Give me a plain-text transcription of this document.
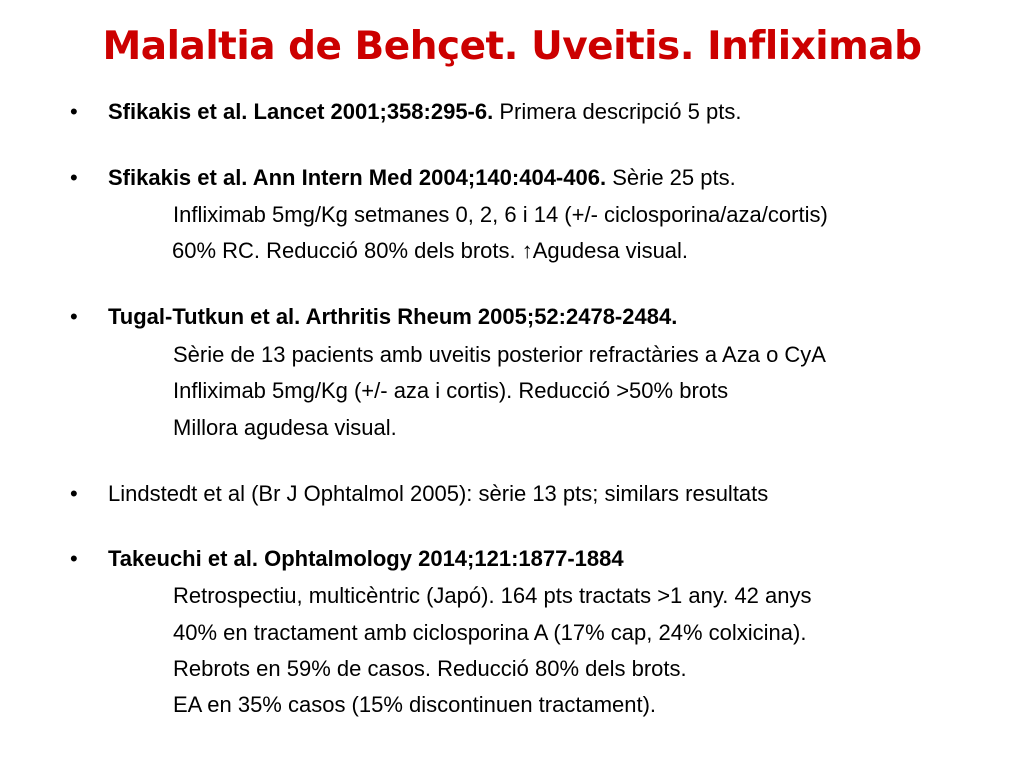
Malaltia de Behçet. Uveitis. Infliximab
• Sfikakis et al. Lancet 2001;358:295-6. Primera descripció 5 pts.
• Sfikakis et al. Ann Intern Med 2004;140:404-406. Sèrie 25 pts.
Infliximab 5mg/Kg setmanes 0, 2, 6 i 14 (+/- ciclosporina/aza/cortis)
60% RC. Reducció 80% dels brots. ↑Agudesa visual.
• Tugal-Tutkun et al. Arthritis Rheum 2005;52:2478-2484.
Sèrie de 13 pacients amb uveitis posterior refractàries a Aza o CyA
Infliximab 5mg/Kg (+/- aza i cortis). Reducció >50% brots
Millora agudesa visual.
• Lindstedt et al (Br J Ophtalmol 2005): sèrie 13 pts; similars resultats
• Takeuchi et al. Ophtalmology 2014;121:1877-1884
Retrospectiu, multicèntric (Japó). 164 pts tractats >1 any. 42 anys
40% en tractament amb ciclosporina A (17% cap, 24% colxicina).
Rebrots en 59% de casos. Reducció 80% dels brots.
EA en 35% casos (15% discontinuen tractament).
